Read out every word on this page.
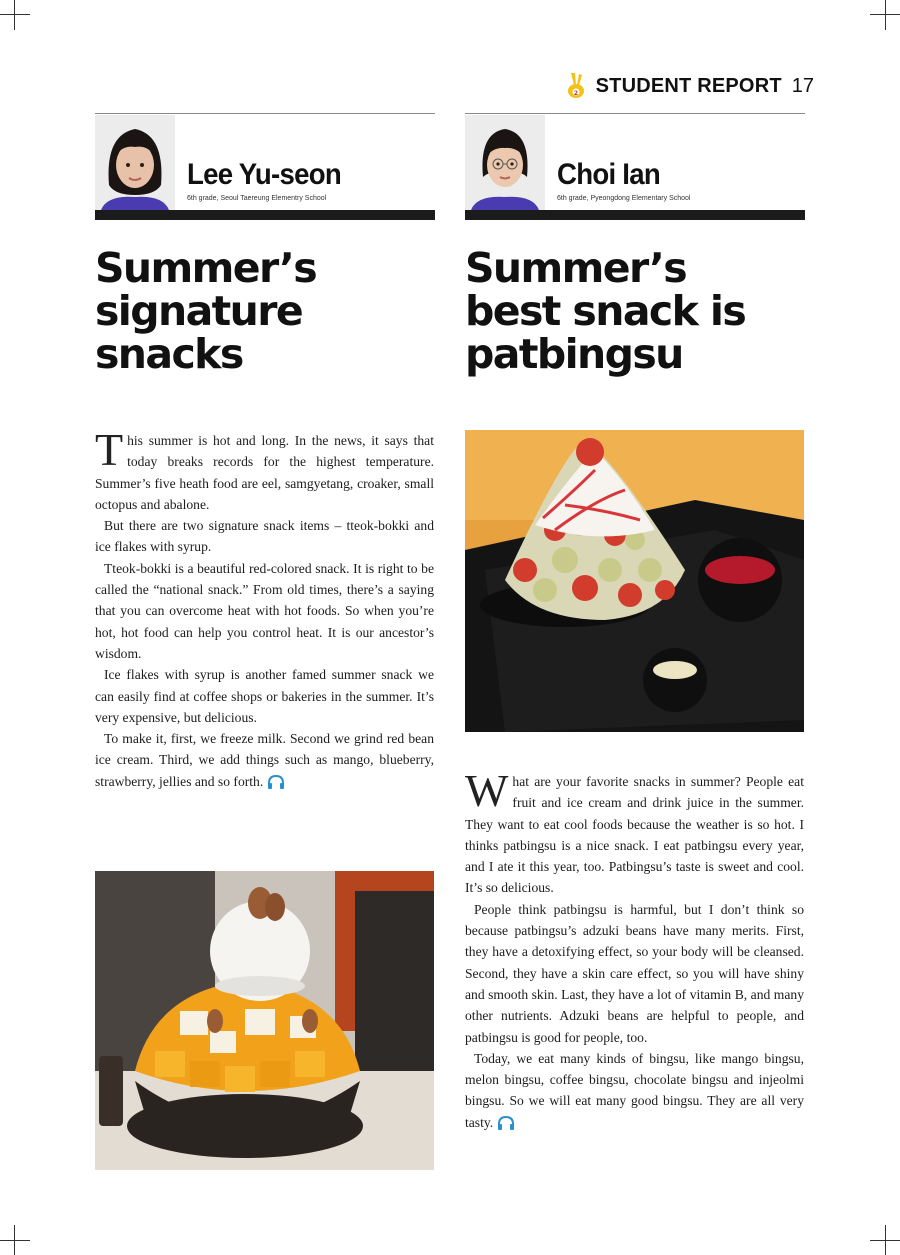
2 STUDENT REPORT 17
Lee Yu-seon
6th grade, Seoul Taereung Elementry School
Summer’s
signature snacks
Choi Ian
6th grade, Pyeongdong Elementary School
Summer’s
best snack is
patbingsu

This summer is hot and long. In the news, it says that today breaks records for the highest temperature. Summer’s five heath food are eel, samgyetang, croaker, small octopus and abalone.

But there are two signature snack items – tteok-bokki and ice flakes with syrup.

Tteok-bokki is a beautiful red-colored snack. It is right to be called the “national snack.” From old times, there’s a saying that you can overcome heat with hot foods. So when you’re hot, hot food can help you control heat. It is our ancestor’s wisdom.

Ice flakes with syrup is another famed summer snack we can easily find at coffee shops or bakeries in the summer. It’s very expensive, but delicious.

To make it, first, we freeze milk. Second we grind red bean ice cream. Third, we add things such as mango, blueberry, strawberry, jellies and so forth.	What are your favorite snacks in summer? People eat fruit and ice cream and drink juice in the summer. They want to eat cool foods because the weather is so hot. I thinks patbingsu is a nice snack. I eat patbingsu every year, and I ate it this year, too. Patbingsu’s taste is sweet and cool. It’s so delicious.

People think patbingsu is harmful, but I don’t think so because patbingsu’s adzuki beans have many merits. First, they have a detoxifying effect, so your body will be cleansed. Second, they have a skin care effect, so you will have shiny and smooth skin. Last, they have a lot of vitamin B, and many other nutrients. Adzuki beans are helpful to people, and patbingsu is good for people, too.

Today, we eat many kinds of bingsu, like mango bingsu, melon bingsu, coffee bingsu, chocolate bingsu and injeolmi bingsu. So we will eat many good bingsu. They are all very tasty.
